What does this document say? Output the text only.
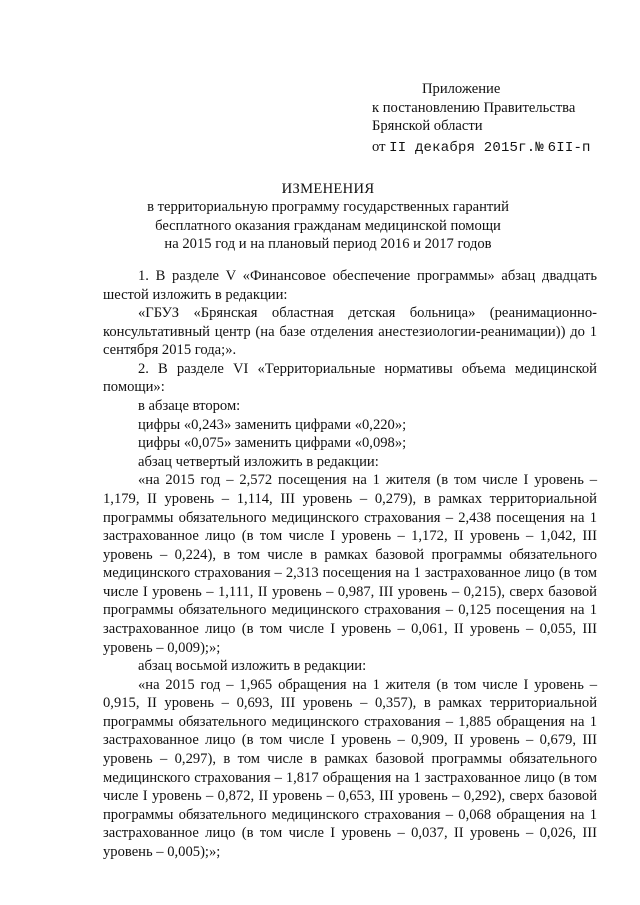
Приложение
к постановлению Правительства
Брянской области
от II декабря 2015г.№ 6II-п
ИЗМЕНЕНИЯ
в территориальную программу государственных гарантий
бесплатного оказания гражданам медицинской помощи
на 2015 год и на плановый период 2016 и 2017 годов

1. В разделе V «Финансовое обеспечение программы» абзац двадцать шестой изложить в редакции:

«ГБУЗ «Брянская областная детская больница» (реанимационно-консультативный центр (на базе отделения анестезиологии-реанимации)) до 1 сентября 2015 года;».

2. В разделе VI «Территориальные нормативы объема медицинской помощи»:

в абзаце втором:

цифры «0,243» заменить цифрами «0,220»;

цифры «0,075» заменить цифрами «0,098»;

абзац четвертый изложить в редакции:

«на 2015 год – 2,572 посещения на 1 жителя (в том числе I уровень – 1,179, II уровень – 1,114, III уровень – 0,279), в рамках территориальной программы обязательного медицинского страхования – 2,438 посещения на 1 застрахованное лицо (в том числе I уровень – 1,172, II уровень – 1,042, III уровень – 0,224), в том числе в рамках базовой программы обязательного медицинского страхования – 2,313 посещения на 1 застрахованное лицо (в том числе I уровень – 1,111, II уровень – 0,987, III уровень – 0,215), сверх базовой программы обязательного медицинского страхования – 0,125 посещения на 1 застрахованное лицо (в том числе I уровень – 0,061, II уровень – 0,055, III уровень – 0,009);»;

абзац восьмой изложить в редакции:

«на 2015 год – 1,965 обращения на 1 жителя (в том числе I уровень – 0,915, II уровень – 0,693, III уровень – 0,357), в рамках территориальной программы обязательного медицинского страхования – 1,885 обращения на 1 застрахованное лицо (в том числе I уровень – 0,909, II уровень – 0,679, III уровень – 0,297), в том числе в рамках базовой программы обязательного медицинского страхования – 1,817 обращения на 1 застрахованное лицо (в том числе I уровень – 0,872, II уровень – 0,653, III уровень – 0,292), сверх базовой программы обязательного медицинского страхования – 0,068 обращения на 1 застрахованное лицо (в том числе I уровень – 0,037, II уровень – 0,026, III уровень – 0,005);»;
